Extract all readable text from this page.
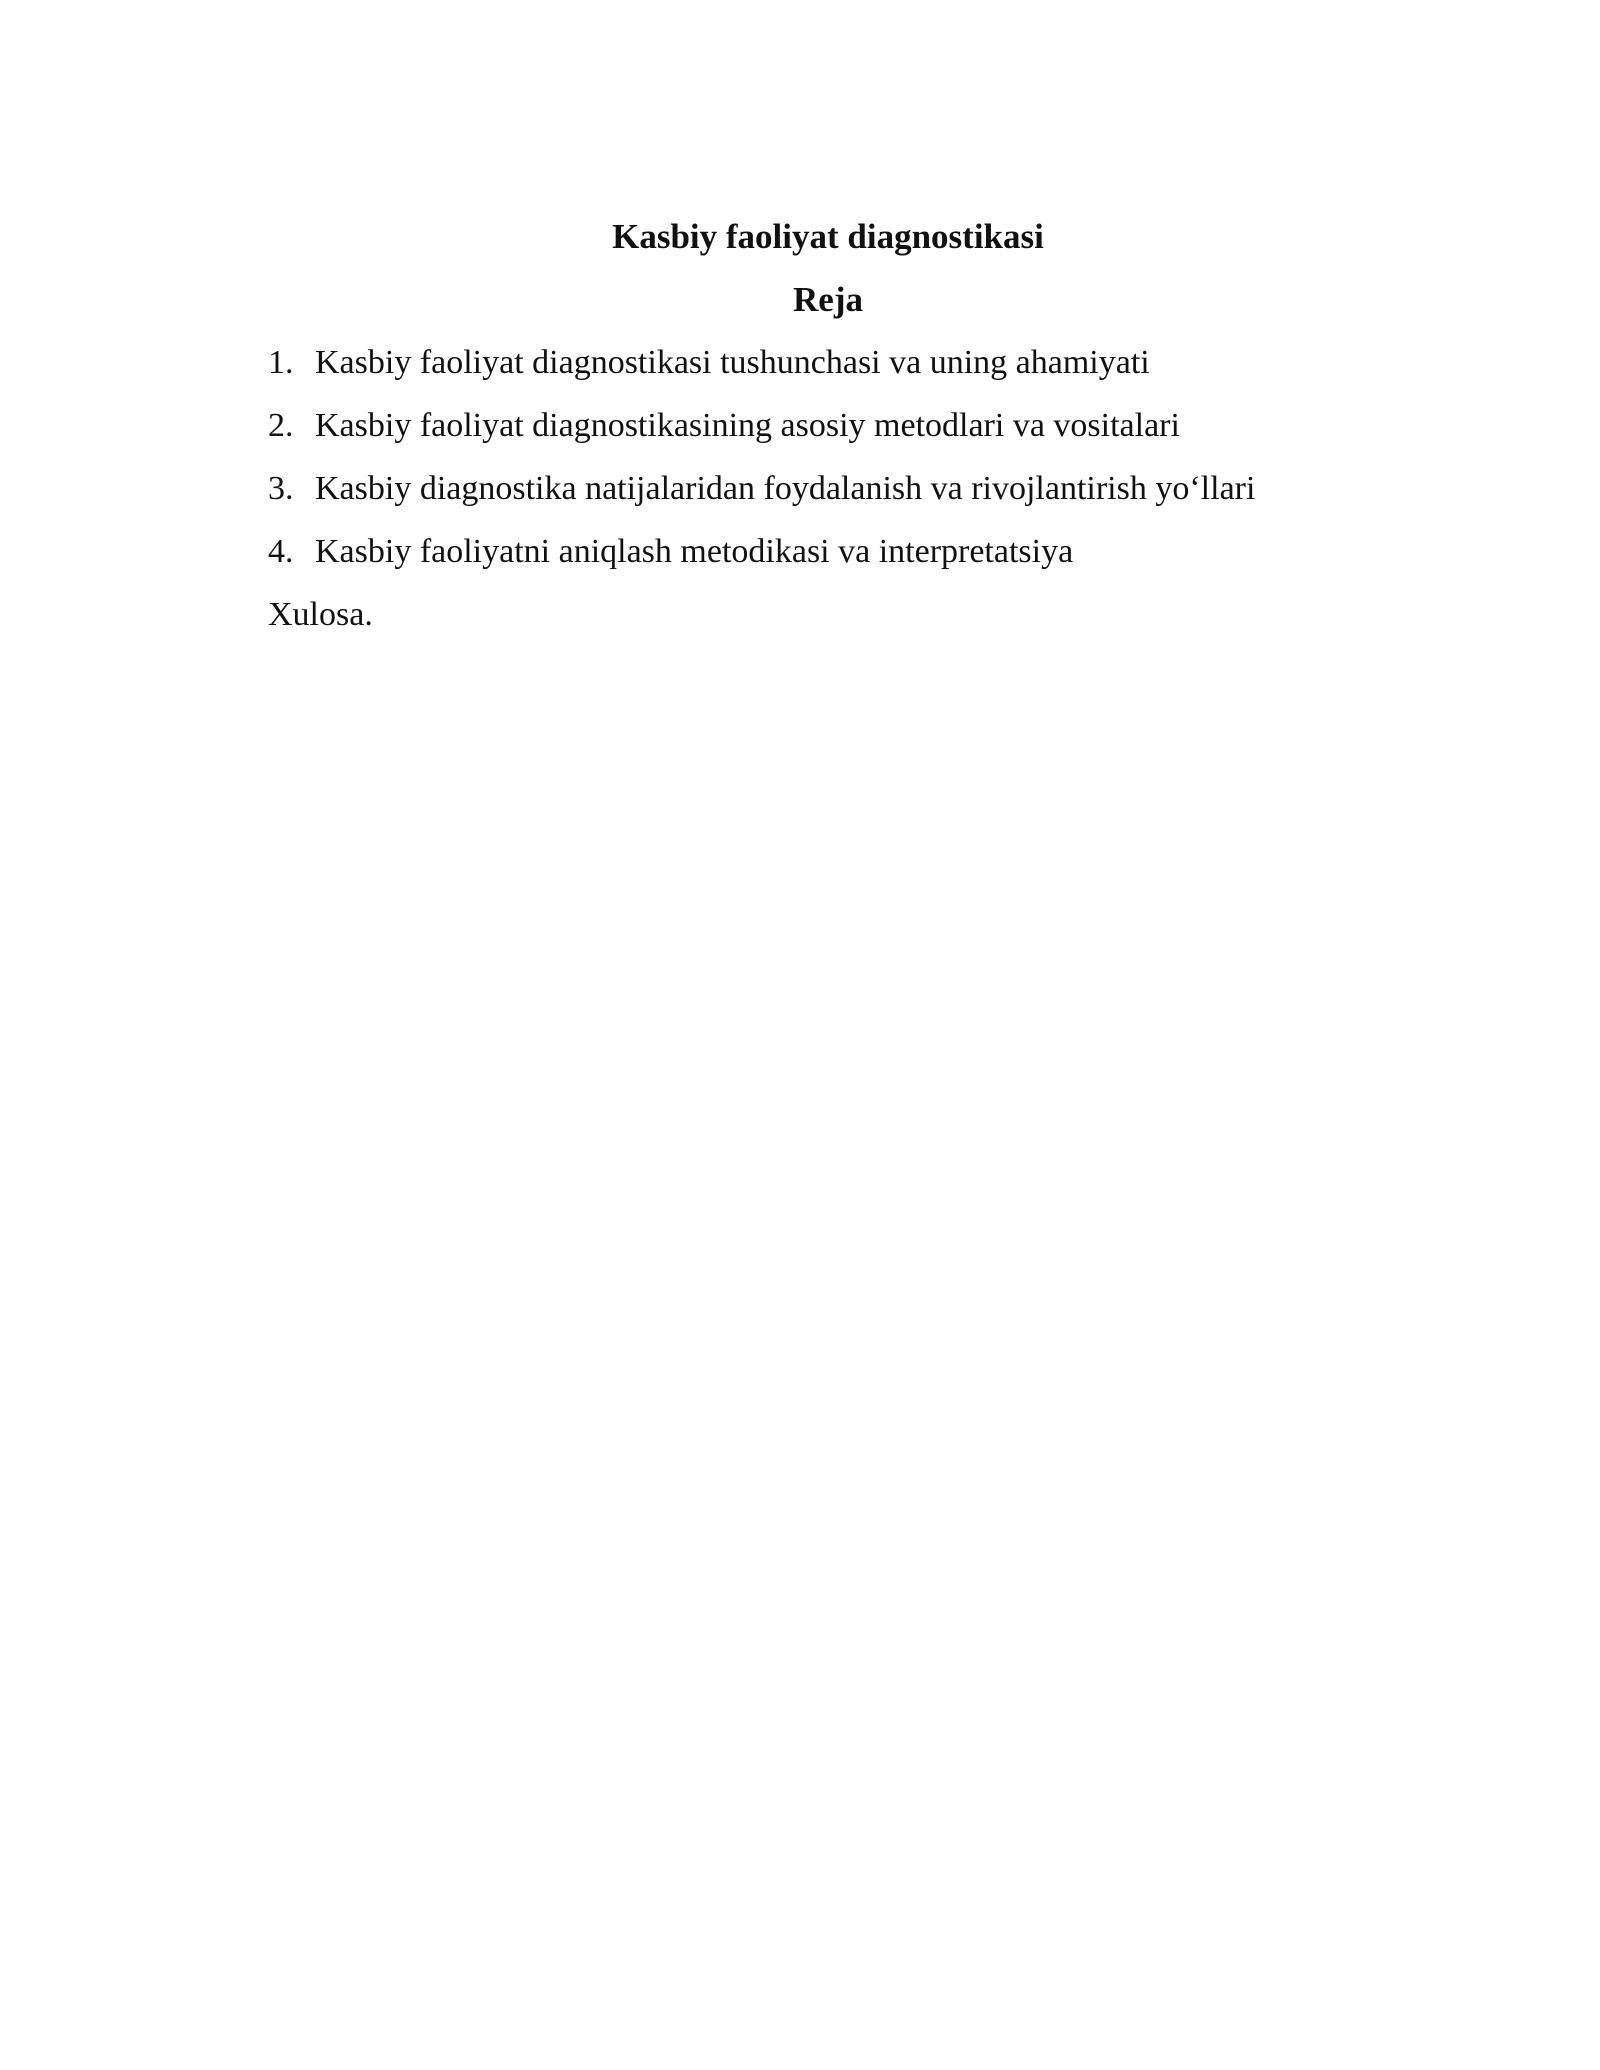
Kasbiy faoliyat diagnostikasi
Reja
1. Kasbiy faoliyat diagnostikasi tushunchasi va uning ahamiyati
2. Kasbiy faoliyat diagnostikasining asosiy metodlari va vositalari
3. Kasbiy diagnostika natijalaridan foydalanish va rivojlantirish yo‘llari
4. Kasbiy faoliyatni aniqlash metodikasi va interpretatsiya

Xulosa.
